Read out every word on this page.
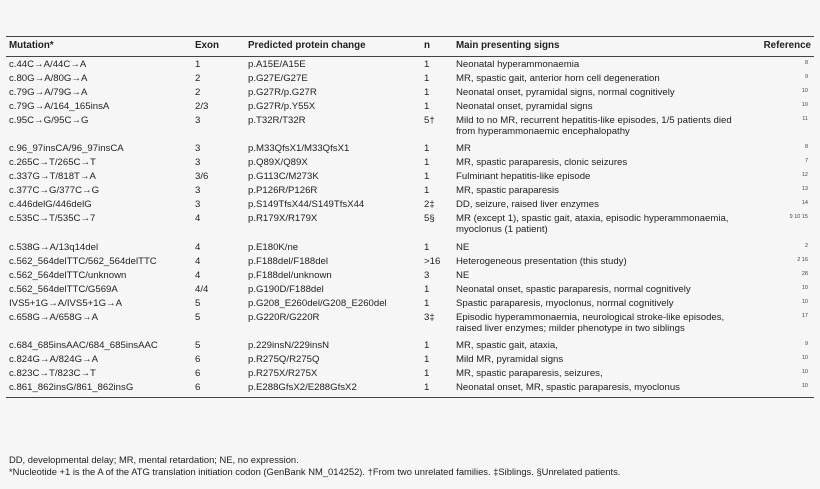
Mutation*	Exon	Predicted protein change	n	Main presenting signs	Reference
c.44C→A/44C→A	1	p.A15E/A15E	1	Neonatal hyperammonaemia	8
c.80G→A/80G→A	2	p.G27E/G27E	1	MR, spastic gait, anterior horn cell degeneration	9
c.79G→A/79G→A	2	p.G27R/p.G27R	1	Neonatal onset, pyramidal signs, normal cognitively	10
c.79G→A/164_165insA	2/3	p.G27R/p.Y55X	1	Neonatal onset, pyramidal signs	10
c.95C→G/95C→G	3	p.T32R/T32R	5†	Mild to no MR, recurrent hepatitis-like episodes, 1/5 patients died from hyperammonaemic encephalopathy	11
c.96_97insCA/96_97insCA	3	p.M33QfsX1/M33QfsX1	1	MR	8
c.265C→T/265C→T	3	p.Q89X/Q89X	1	MR, spastic paraparesis, clonic seizures	7
c.337G→T/818T→A	3/6	p.G113C/M273K	1	Fulminant hepatitis-like episode	12
c.377C→G/377C→G	3	p.P126R/P126R	1	MR, spastic paraparesis	13
c.446delG/446delG	3	p.S149TfsX44/S149TfsX44	2‡	DD, seizure, raised liver enzymes	14
c.535C→T/535C→7	4	p.R179X/R179X	5§	MR (except 1), spastic gait, ataxia, episodic hyperammonaemia, myoclonus (1 patient)	9 10 15
c.538G→A/13q14del	4	p.E180K/ne	1	NE	2
c.562_564delTTC/562_564delTTC	4	p.F188del/F188del	>16	Heterogeneous presentation (this study)	2 16
c.562_564delTTC/unknown	4	p.F188del/unknown	3	NE	28
c.562_564delTTC/G569A	4/4	p.G190D/F188del	1	Neonatal onset, spastic paraparesis, normal cognitively	10
IVS5+1G→A/IVS5+1G→A	5	p.G208_E260del/G208_E260del	1	Spastic paraparesis, myoclonus, normal cognitively	10
c.658G→A/658G→A	5	p.G220R/G220R	3‡	Episodic hyperammonaemia, neurological stroke-like episodes, raised liver enzymes; milder phenotype in two siblings	17
c.684_685insAAC/684_685insAAC	5	p.229insN/229insN	1	MR, spastic gait, ataxia,	9
c.824G→A/824G→A	6	p.R275Q/R275Q	1	Mild MR, pyramidal signs	10
c.823C→T/823C→T	6	p.R275X/R275X	1	MR, spastic paraparesis, seizures,	10
c.861_862insG/861_862insG	6	p.E288GfsX2/E288GfsX2	1	Neonatal onset, MR, spastic paraparesis, myoclonus	10
DD, developmental delay; MR, mental retardation; NE, no expression.
*Nucleotide +1 is the A of the ATG translation initiation codon (GenBank NM_014252). †From two unrelated families. ‡Siblings. §Unrelated patients.
